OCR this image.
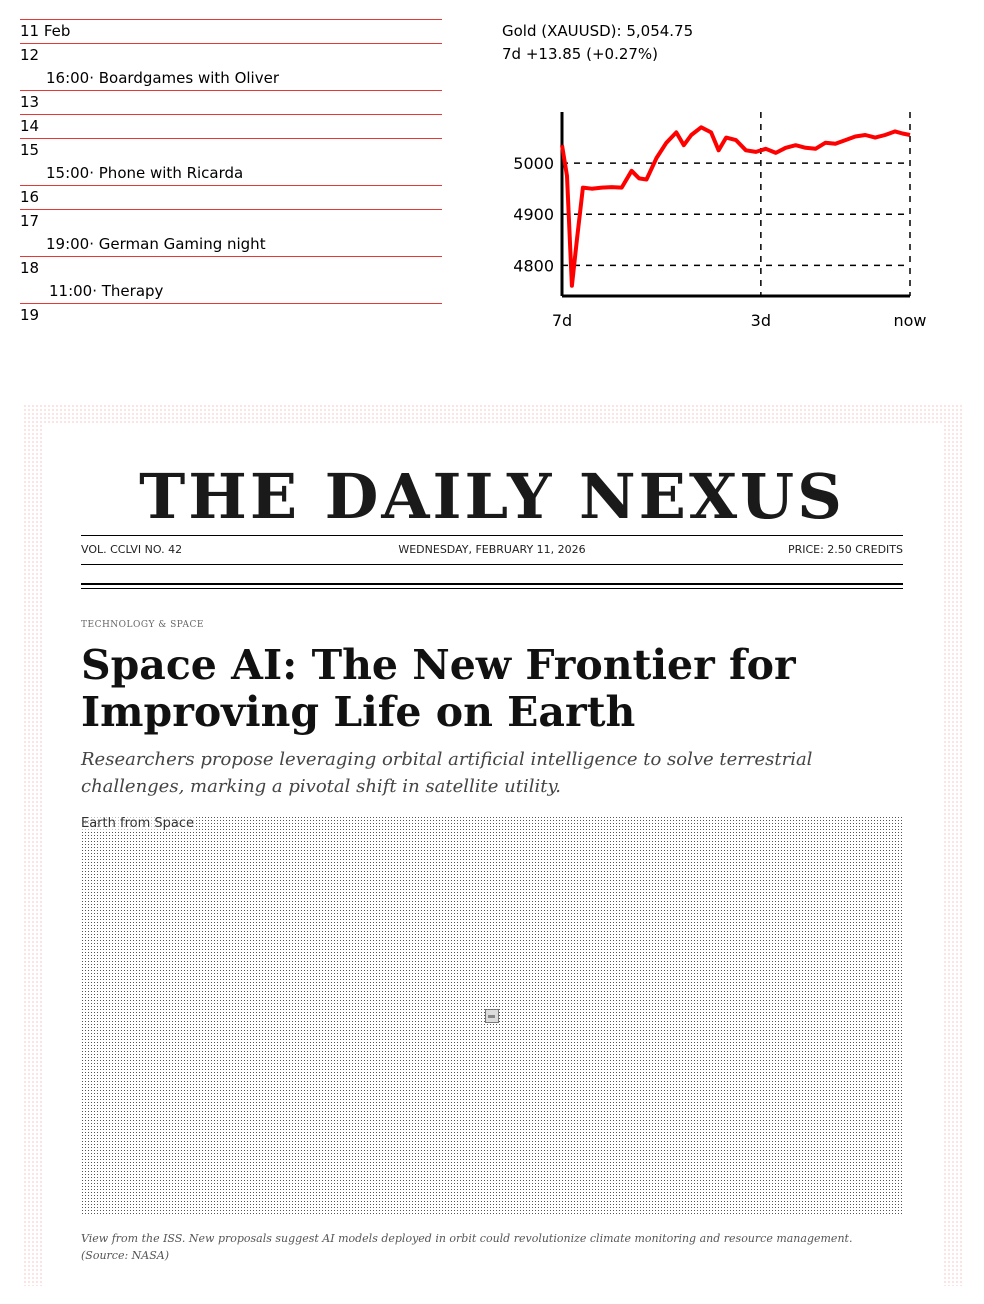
11 Feb
12
16:00· Boardgames with Oliver
13
14
15
15:00· Phone with Ricarda
16
17
19:00· German Gaming night
18
11:00· Therapy
19
Gold (XAUUSD): 5,054.75
7d +13.85 (+0.27%)
5000
4900
4800
7d	3d	now
THE DAILY NEXUS
VOL. CCLVI NO. 42	WEDNESDAY, FEBRUARY 11, 2026	PRICE: 2.50 CREDITS
TECHNOLOGY & SPACE
Space AI: The New Frontier for Improving Life on Earth
Researchers propose leveraging orbital artificial intelligence to solve terrestrial challenges, marking a pivotal shift in satellite utility.
Earth from Space
View from the ISS. New proposals suggest AI models deployed in orbit could revolutionize climate monitoring and resource management. (Source: NASA)
